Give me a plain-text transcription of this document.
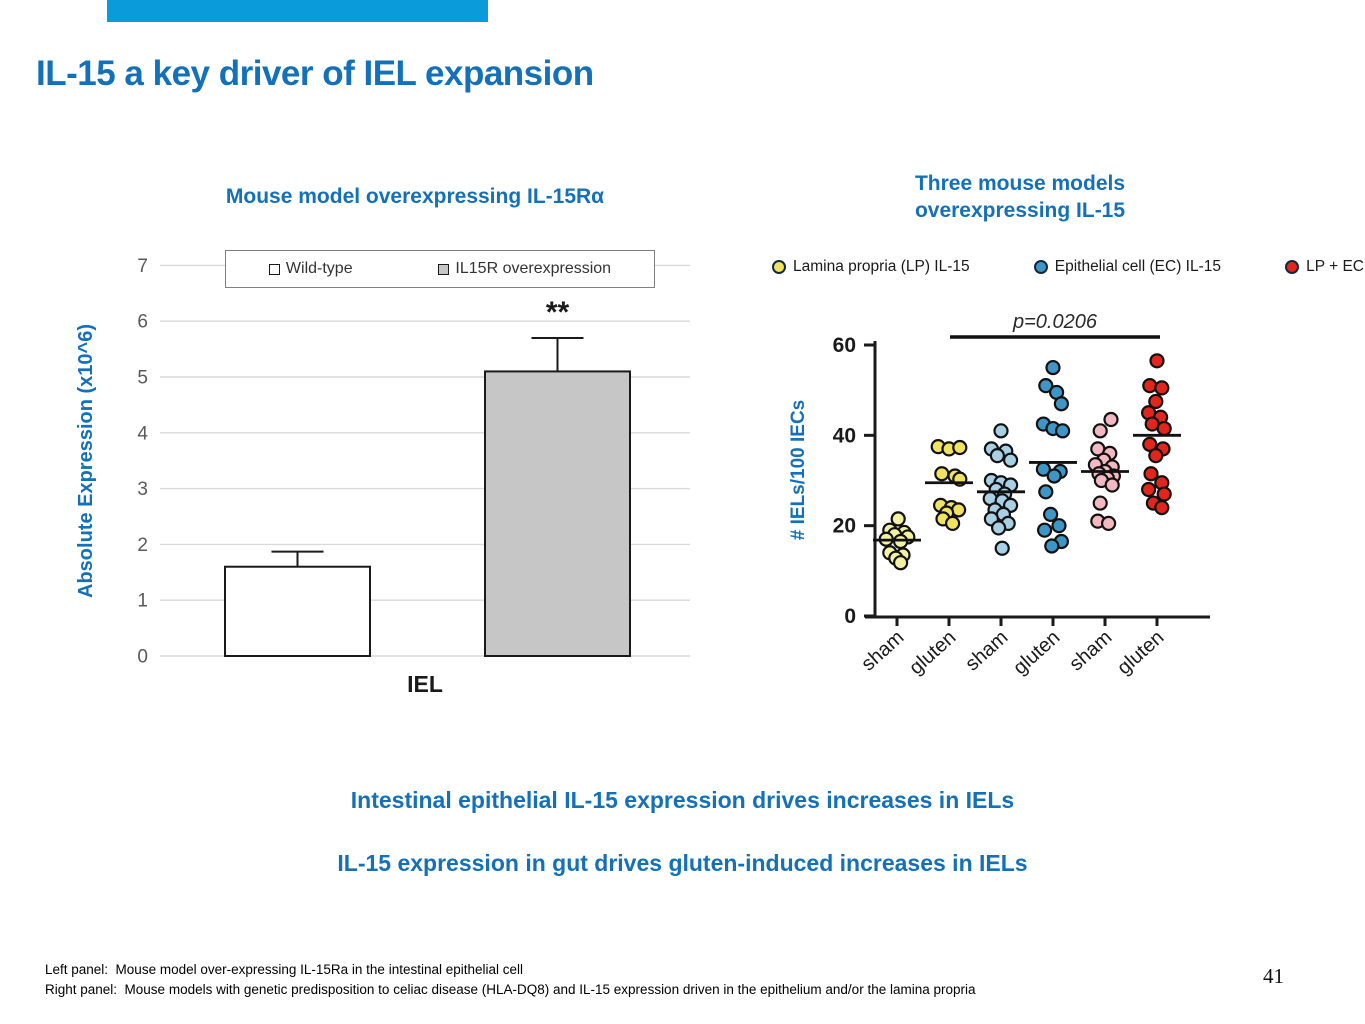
IL-15 a key driver of IEL expansion
Mouse model overexpressing IL-15Rα
0
1
2
3
4
5
6
7
Absolute Expression (x10^6)
**
IEL
Wild-type	IL15R overexpression
Three mouse models
overexpressing IL-15
Lamina propria (LP) IL-15	Epithelial cell (EC) IL-15	LP + EC
0
20
40
60
# IELs/100 IECs
sham
gluten sham
gluten sham
gluten
p=0.0206
Intestinal epithelial IL-15 expression drives increases in IELs
IL-15 expression in gut drives gluten-induced increases in IELs
Left panel:  Mouse model over-expressing IL-15Ra in the intestinal epithelial cell
Right panel:  Mouse models with genetic predisposition to celiac disease (HLA-DQ8) and IL-15 expression driven in the epithelium and/or the lamina propria
41
